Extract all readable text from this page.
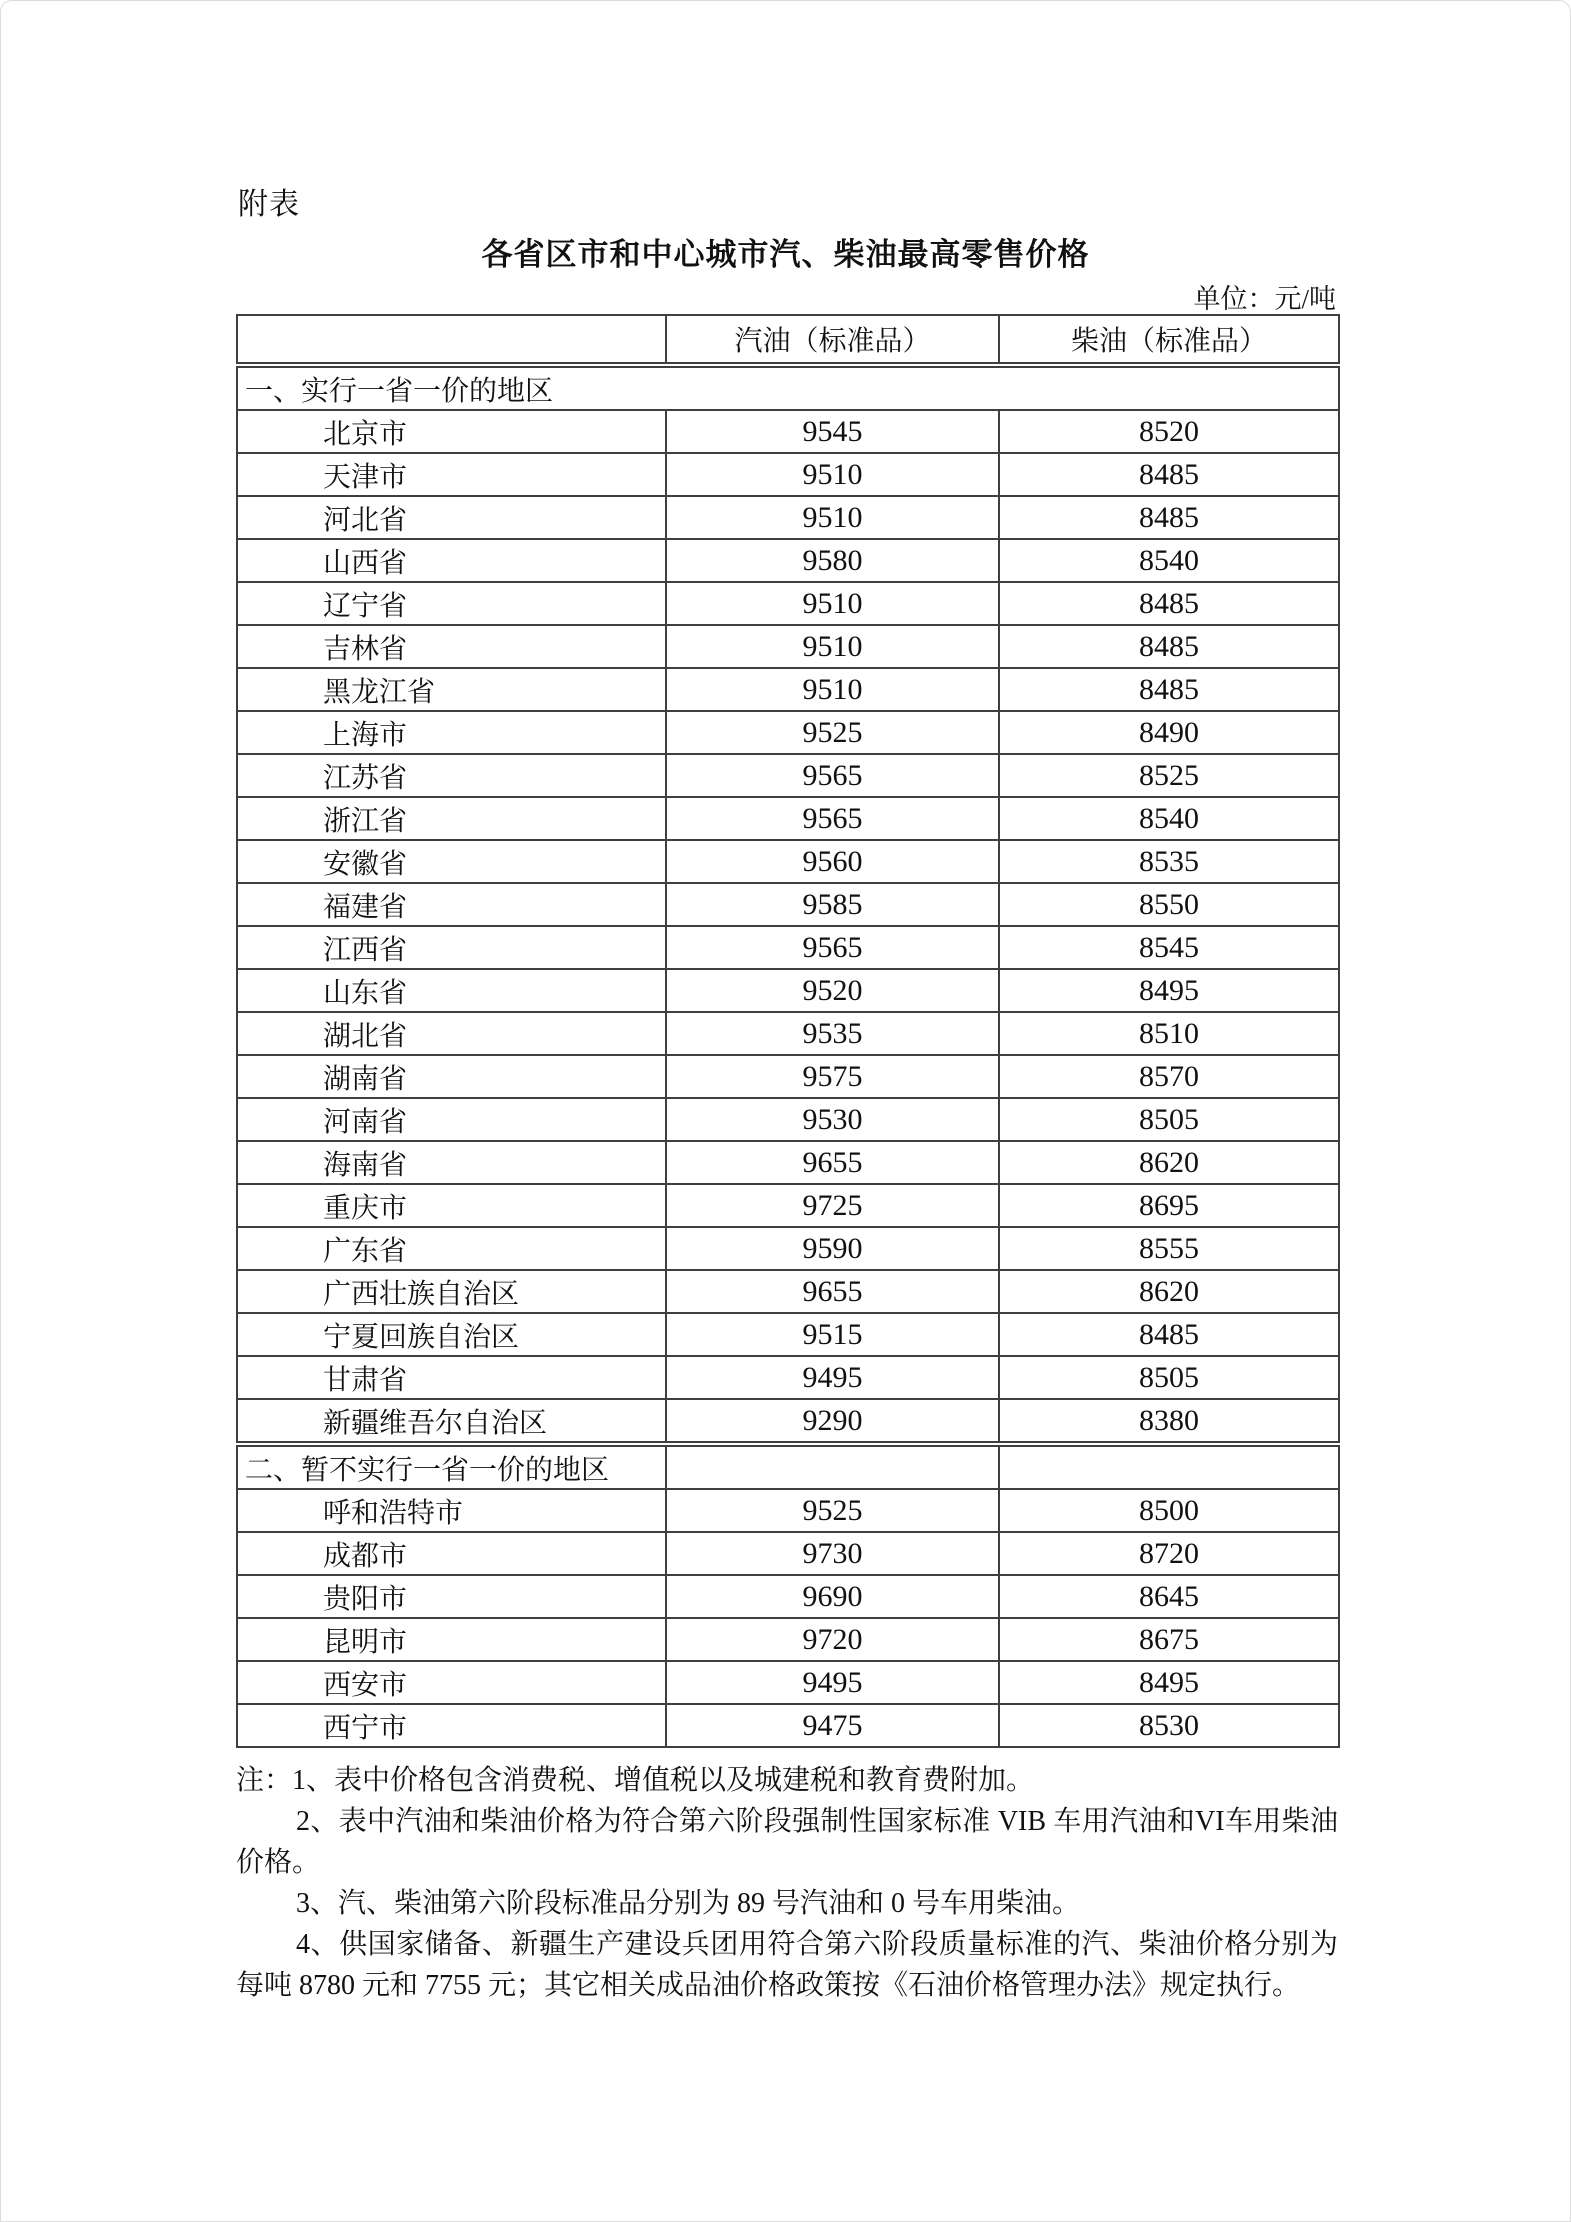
附表
各省区市和中心城市汽、柴油最高零售价格
单位：元/吨
	汽油（标准品）	柴油（标准品）
一、实行一省一价的地区		
北京市	9545	8520
天津市	9510	8485
河北省	9510	8485
山西省	9580	8540
辽宁省	9510	8485
吉林省	9510	8485
黑龙江省	9510	8485
上海市	9525	8490
江苏省	9565	8525
浙江省	9565	8540
安徽省	9560	8535
福建省	9585	8550
江西省	9565	8545
山东省	9520	8495
湖北省	9535	8510
湖南省	9575	8570
河南省	9530	8505
海南省	9655	8620
重庆市	9725	8695
广东省	9590	8555
广西壮族自治区	9655	8620
宁夏回族自治区	9515	8485
甘肃省	9495	8505
新疆维吾尔自治区	9290	8380
二、暂不实行一省一价的地区		
呼和浩特市	9525	8500
成都市	9730	8720
贵阳市	9690	8645
昆明市	9720	8675
西安市	9495	8495
西宁市	9475	8530

注：1、表中价格包含消费税、增值税以及城建税和教育费附加。

2、表中汽油和柴油价格为符合第六阶段强制性国家标准 VIB 车用汽油和VI车用柴油价格。

3、汽、柴油第六阶段标准品分别为 89 号汽油和 0 号车用柴油。

4、供国家储备、新疆生产建设兵团用符合第六阶段质量标准的汽、柴油价格分别为每吨 8780 元和 7755 元；其它相关成品油价格政策按《石油价格管理办法》规定执行。
